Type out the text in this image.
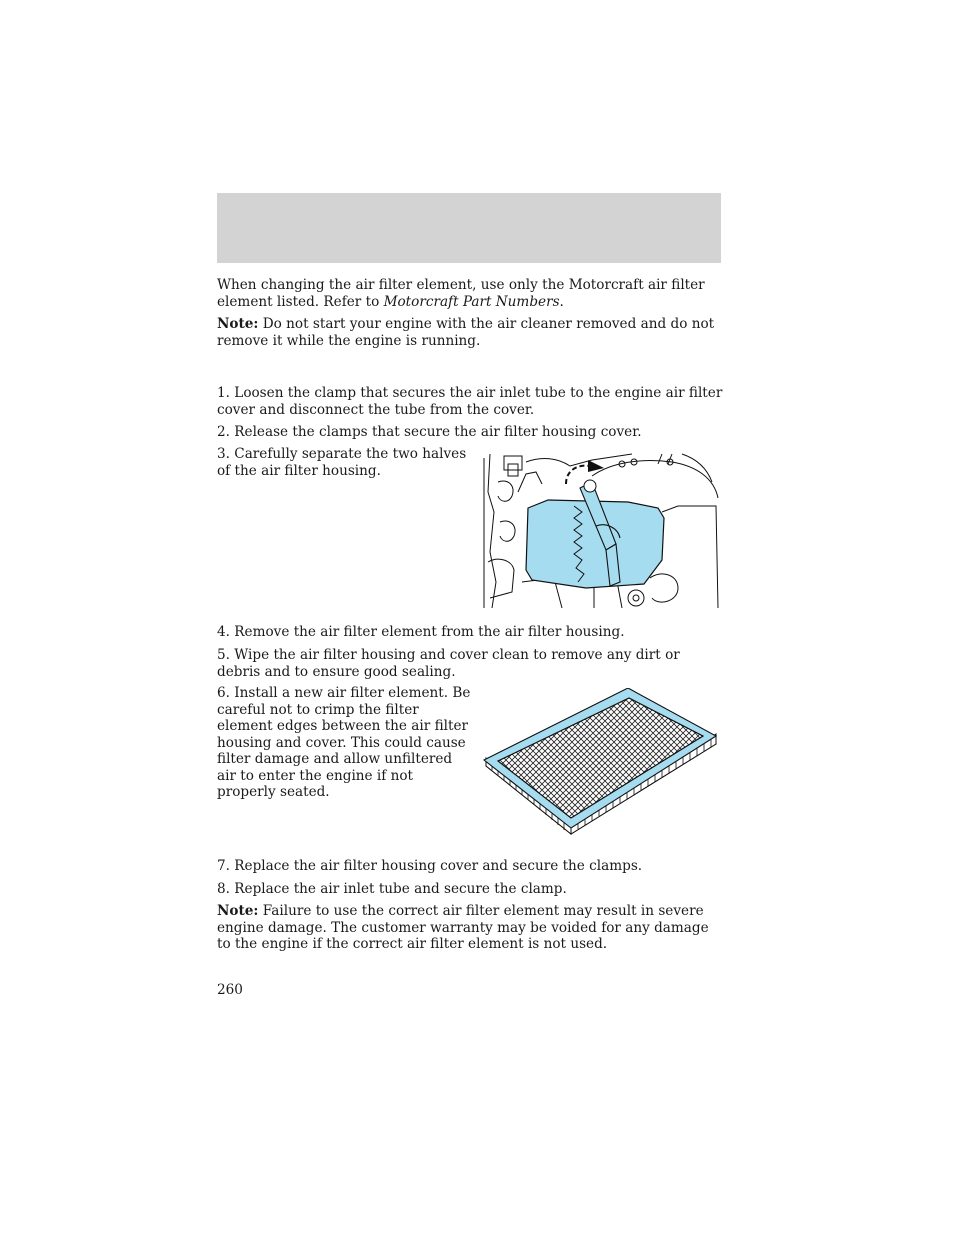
When changing the air filter element, use only the Motorcraft air filter element listed. Refer to Motorcraft Part Numbers.

Note: Do not start your engine with the air cleaner removed and do not remove it while the engine is running.

1. Loosen the clamp that secures the air inlet tube to the engine air filter cover and disconnect the tube from the cover.

2. Release the clamps that secure the air filter housing cover.

3. Carefully separate the two halves of the air filter housing.

4. Remove the air filter element from the air filter housing.

5. Wipe the air filter housing and cover clean to remove any dirt or debris and to ensure good sealing.

6. Install a new air filter element. Be careful not to crimp the filter element edges between the air filter housing and cover. This could cause filter damage and allow unfiltered air to enter the engine if not properly seated.

7. Replace the air filter housing cover and secure the clamps.

8. Replace the air inlet tube and secure the clamp.

Note: Failure to use the correct air filter element may result in severe engine damage. The customer warranty may be voided for any damage to the engine if the correct air filter element is not used.

260
